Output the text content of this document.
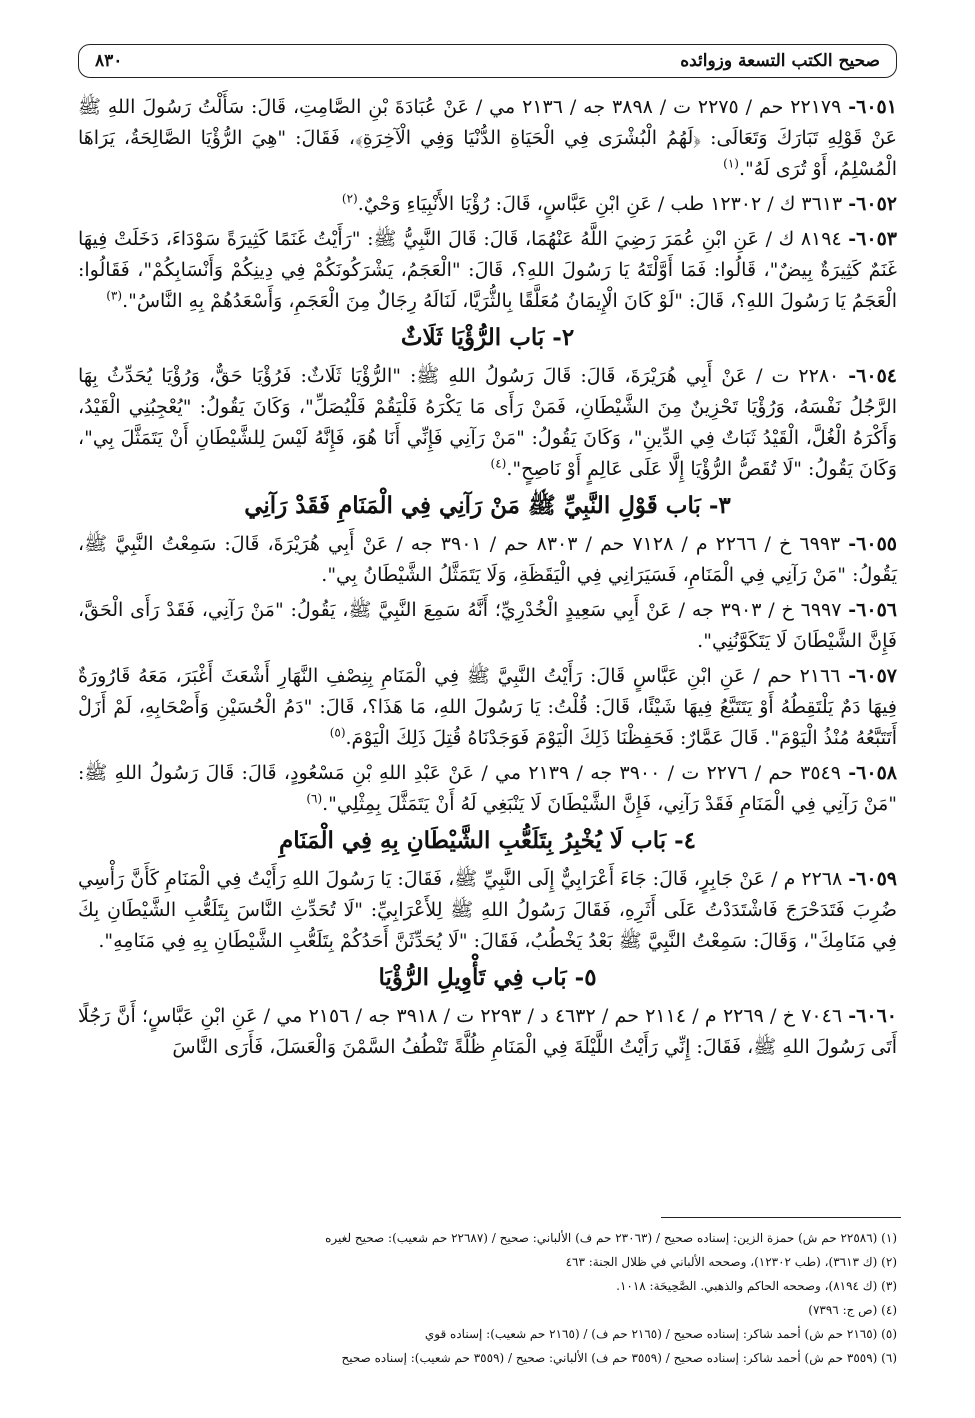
صحيح الكتب التسعة وزوائده
٨٣٠

٦٠٥١- ٢٢١٧٩ حم / ٢٢٧٥ ت / ٣٨٩٨ جه / ٢١٣٦ مي / عَنْ عُبَادَةَ بْنِ الصَّامِتِ، قَالَ: سَأَلْتُ رَسُولَ اللهِ ﷺ عَنْ قَوْلِهِ تَبَارَكَ وَتَعَالَى: ﴿لَهُمُ الْبُشْرَى فِي الْحَيَاةِ الدُّنْيَا وَفِي الْآخِرَةِ﴾، فَقَالَ: "هِيَ الرُّؤْيَا الصَّالِحَةُ، يَرَاهَا الْمُسْلِمُ، أَوْ تُرَى لَهُ".$^{(١)}$

٦٠٥٢- ٣٦١٣ ك / ١٢٣٠٢ طب / عَنِ ابْنِ عَبَّاسٍ، قَالَ: رُؤْيَا الأَنْبِيَاءِ وَحْيٌ.$^{(٢)}$

٦٠٥٣- ٨١٩٤ ك / عَنِ ابْنِ عُمَرَ رَضِيَ اللَّهُ عَنْهُمَا، قَالَ: قَالَ النَّبِيُّ ﷺ: "رَأَيْتُ غَنَمًا كَثِيرَةً سَوْدَاءَ، دَخَلَتْ فِيهَا غَنَمٌ كَثِيرَةٌ بِيضٌ"، قَالُوا: فَمَا أَوَّلْتَهُ يَا رَسُولَ اللهِ؟، قَالَ: "الْعَجَمُ، يَشْرَكُونَكُمْ فِي دِينِكُمْ وَأَنْسَابِكُمْ"، فَقَالُوا: الْعَجَمُ يَا رَسُولَ اللهِ؟، قَالَ: "لَوْ كَانَ الْإِيمَانُ مُعَلَّقًا بِالثُّرَيَّا، لَنَالَهُ رِجَالٌ مِنَ الْعَجَمِ، وَأَسْعَدُهُمْ بِهِ النَّاسُ".$^{(٣)}$

٢- بَاب الرُّؤْيَا ثَلَاثٌ

٦٠٥٤- ٢٢٨٠ ت / عَنْ أَبِي هُرَيْرَةَ، قَالَ: قَالَ رَسُولُ اللهِ ﷺ: "الرُّؤْيَا ثَلَاثٌ: فَرُؤْيَا حَقٌّ، وَرُؤْيَا يُحَدِّثُ بِهَا الرَّجُلُ نَفْسَهُ، وَرُؤْيَا تَحْزِينٌ مِنَ الشَّيْطَانِ، فَمَنْ رَأَى مَا يَكْرَهُ فَلْيَقُمْ فَلْيُصَلِّ"، وَكَانَ يَقُولُ: "يُعْجِبُنِي الْقَيْدُ، وَأَكْرَهُ الْغُلَّ، الْقَيْدُ ثَبَاتٌ فِي الدِّينِ"، وَكَانَ يَقُولُ: "مَنْ رَآنِي فَإِنِّي أَنَا هُوَ، فَإِنَّهُ لَيْسَ لِلشَّيْطَانِ أَنْ يَتَمَثَّلَ بِي"، وَكَانَ يَقُولُ: "لَا تُقَصُّ الرُّؤْيَا إِلَّا عَلَى عَالِمٍ أَوْ نَاصِحٍ".$^{(٤)}$

٣- بَاب قَوْلِ النَّبِيِّ ﷺ مَنْ رَآنِي فِي الْمَنَامِ فَقَدْ رَآنِي

٦٠٥٥- ٦٩٩٣ خ / ٢٢٦٦ م / ٧١٢٨ حم / ٨٣٠٣ حم / ٣٩٠١ جه / عَنْ أَبِي هُرَيْرَةَ، قَالَ: سَمِعْتُ النَّبِيَّ ﷺ، يَقُولُ: "مَنْ رَآنِي فِي الْمَنَامِ، فَسَيَرَانِي فِي الْيَقَظَةِ، وَلَا يَتَمَثَّلُ الشَّيْطَانُ بِي".

٦٠٥٦- ٦٩٩٧ خ / ٣٩٠٣ جه / عَنْ أَبِي سَعِيدٍ الْخُدْرِيِّ؛ أَنَّهُ سَمِعَ النَّبِيَّ ﷺ، يَقُولُ: "مَنْ رَآنِي، فَقَدْ رَأَى الْحَقَّ، فَإِنَّ الشَّيْطَانَ لَا يَتَكَوَّنُنِي".

٦٠٥٧- ٢١٦٦ حم / عَنِ ابْنِ عَبَّاسٍ قَالَ: رَأَيْتُ النَّبِيَّ ﷺ فِي الْمَنَامِ بِنِصْفِ النَّهَارِ أَشْعَثَ أَغْبَرَ، مَعَهُ قَارُورَةٌ فِيهَا دَمٌ يَلْتَقِطُهُ أَوْ يَتَتَبَّعُ فِيهَا شَيْئًا، قَالَ: قُلْتُ: يَا رَسُولَ اللهِ، مَا هَذَا؟، قَالَ: "دَمُ الْحُسَيْنِ وَأَصْحَابِهِ، لَمْ أَزَلْ أَتَتَبَّعُهُ مُنْذُ الْيَوْمَ". قَالَ عَمَّارٌ: فَحَفِظْنَا ذَلِكَ الْيَوْمَ فَوَجَدْنَاهُ قُتِلَ ذَلِكَ الْيَوْمَ.$^{(٥)}$

٦٠٥٨- ٣٥٤٩ حم / ٢٢٧٦ ت / ٣٩٠٠ جه / ٢١٣٩ مي / عَنْ عَبْدِ اللهِ بْنِ مَسْعُودٍ، قَالَ: قَالَ رَسُولُ اللهِ ﷺ: "مَنْ رَآنِي فِي الْمَنَامِ فَقَدْ رَآنِي، فَإِنَّ الشَّيْطَانَ لَا يَنْبَغِي لَهُ أَنْ يَتَمَثَّلَ بِمِثْلِي".$^{(٦)}$

٤- بَاب لَا يُخْبِرُ بِتَلَعُّبِ الشَّيْطَانِ بِهِ فِي الْمَنَامِ

٦٠٥٩- ٢٢٦٨ م / عَنْ جَابِرٍ، قَالَ: جَاءَ أَعْرَابِيٌّ إِلَى النَّبِيِّ ﷺ، فَقَالَ: يَا رَسُولَ اللهِ رَأَيْتُ فِي الْمَنَامِ كَأَنَّ رَأْسِي ضُرِبَ فَتَدَحْرَجَ فَاشْتَدَدْتُ عَلَى أَثَرِهِ، فَقَالَ رَسُولُ اللهِ ﷺ لِلأَعْرَابِيِّ: "لَا تُحَدِّثِ النَّاسَ بِتَلَعُّبِ الشَّيْطَانِ بِكَ فِي مَنَامِكَ"، وَقَالَ: سَمِعْتُ النَّبِيَّ ﷺ بَعْدُ يَخْطُبُ، فَقَالَ: "لَا يُحَدِّثَنَّ أَحَدُكُمْ بِتَلَعُّبِ الشَّيْطَانِ بِهِ فِي مَنَامِهِ".

٥- بَاب فِي تَأْوِيلِ الرُّؤْيَا

٦٠٦٠- ٧٠٤٦ خ / ٢٢٦٩ م / ٢١١٤ حم / ٤٦٣٢ د / ٢٢٩٣ ت / ٣٩١٨ جه / ٢١٥٦ مي / عَنِ ابْنِ عَبَّاسٍ؛ أَنَّ رَجُلًا أَتَى رَسُولَ اللهِ ﷺ، فَقَالَ: إِنِّي رَأَيْتُ اللَّيْلَةَ فِي الْمَنَامِ ظُلَّةً تَنْطُفُ السَّمْنَ وَالْعَسَلَ، فَأَرَى النَّاسَ

(١) (٢٢٥٨٦ حم ش) حمزة الزين: إسناده صحيح / (٢٣٠٦٣ حم ف) الألباني: صحيح / (٢٢٦٨٧ حم شعيب): صحيح لغيره
(٢) (ك ٣٦١٣)، (طب ١٢٣٠٢)، وصححه الألباني في ظلال الجنة: ٤٦٣
(٣) (ك ٨١٩٤)، وصححه الحاكم والذهبي. الصَّحِيحَة: ١٠١٨.
(٤) (ص ج: ٧٣٩٦)
(٥) (٢١٦٥ حم ش) أحمد شاكر: إسناده صحيح / (٢١٦٥ حم ف) / (٢١٦٥ حم شعيب): إسناده قوي
(٦) (٣٥٥٩ حم ش) أحمد شاكر: إسناده صحيح / (٣٥٥٩ حم ف) الألباني: صحيح / (٣٥٥٩ حم شعيب): إسناده صحيح
